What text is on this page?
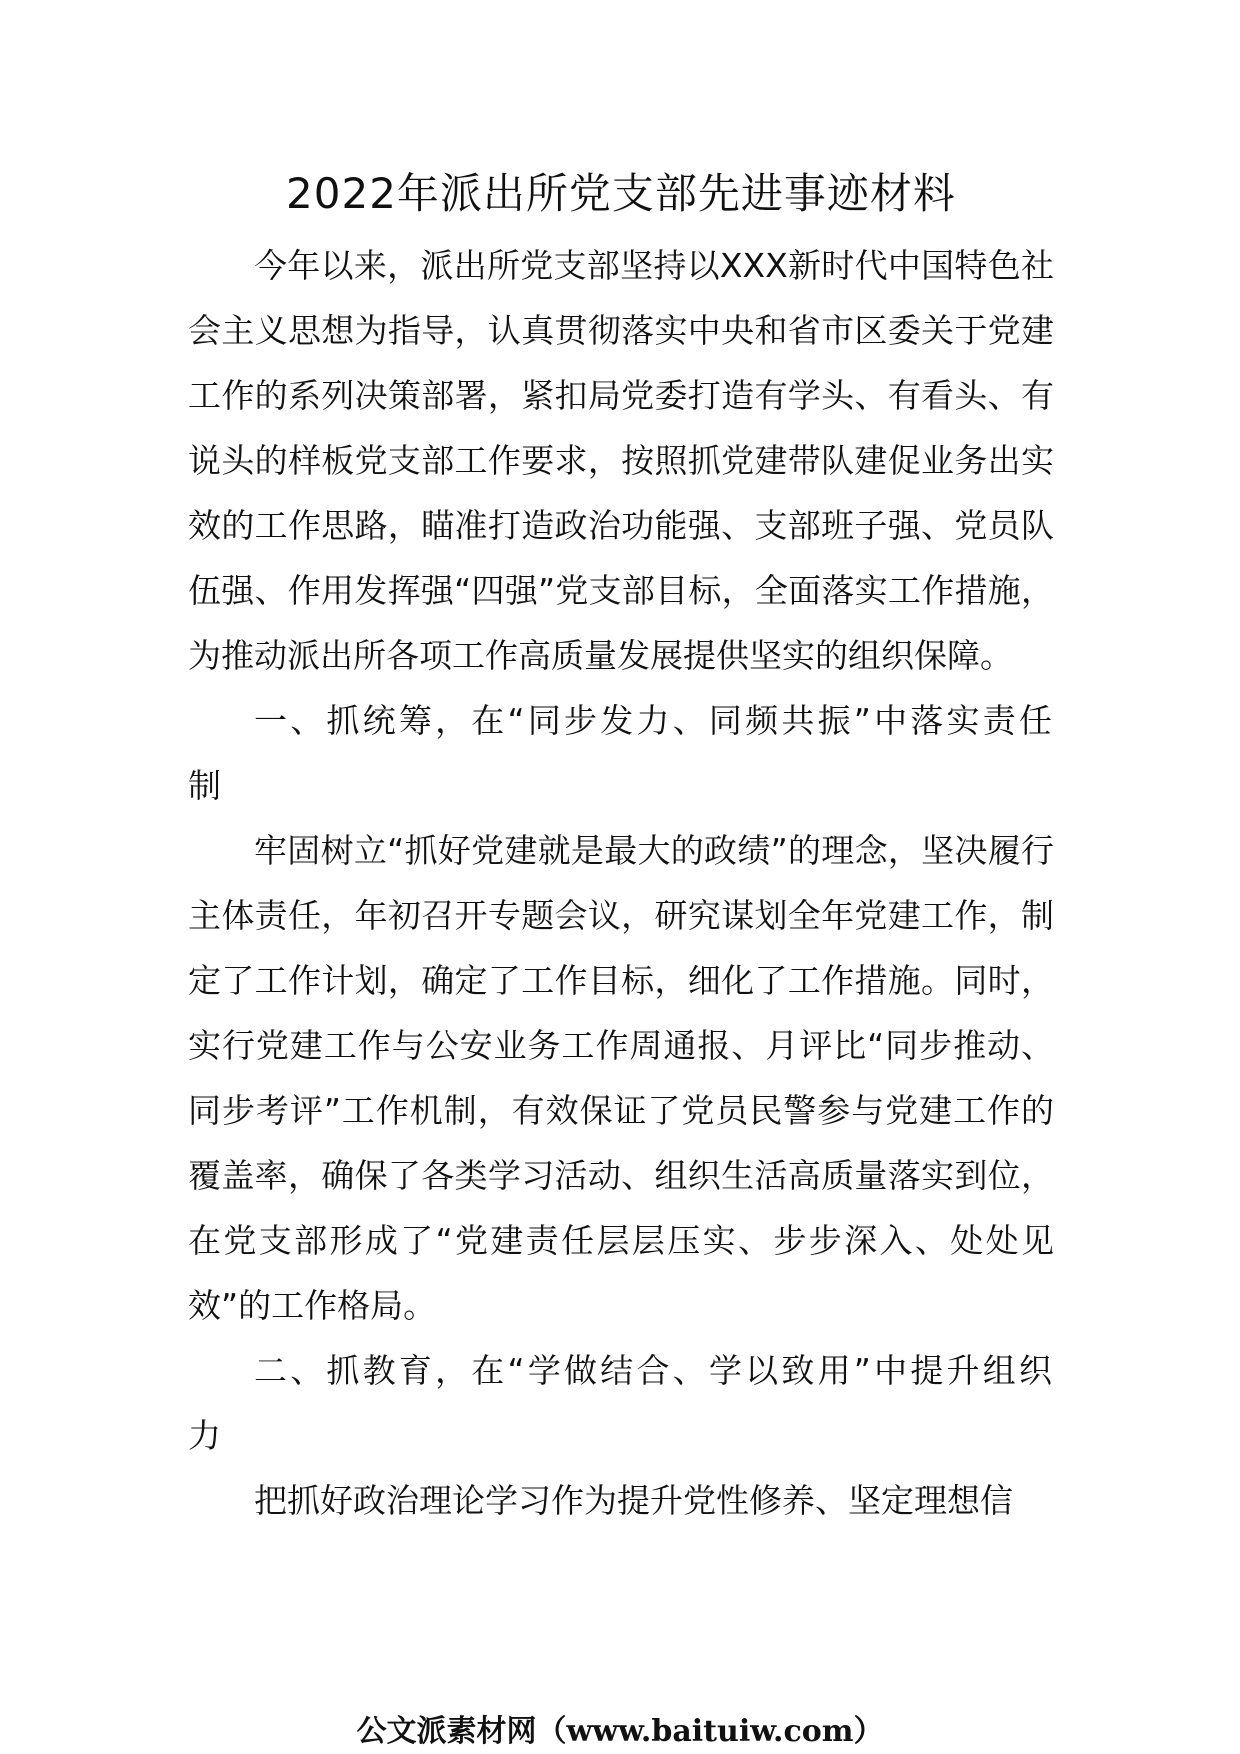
2022年派出所党支部先进事迹材料

今年以来，派出所党支部坚持以XXX新时代中国特色社会主义思想为指导，认真贯彻落实中央和省市区委关于党建工作的系列决策部署，紧扣局党委打造有学头、有看头、有说头的样板党支部工作要求，按照抓党建带队建促业务出实效的工作思路，瞄准打造政治功能强、支部班子强、党员队伍强、作用发挥强“四强”党支部目标，全面落实工作措施，为推动派出所各项工作高质量发展提供坚实的组织保障。

一、抓统筹，在“同步发力、同频共振”中落实责任制

牢固树立“抓好党建就是最大的政绩”的理念，坚决履行主体责任，年初召开专题会议，研究谋划全年党建工作，制定了工作计划，确定了工作目标，细化了工作措施。同时，实行党建工作与公安业务工作周通报、月评比“同步推动、同步考评”工作机制，有效保证了党员民警参与党建工作的覆盖率，确保了各类学习活动、组织生活高质量落实到位，在党支部形成了“党建责任层层压实、步步深入、处处见效”的工作格局。

二、抓教育，在“学做结合、学以致用”中提升组织力

把抓好政治理论学习作为提升党性修养、坚定理想信

公文派素材网（www.baituiw.com）
